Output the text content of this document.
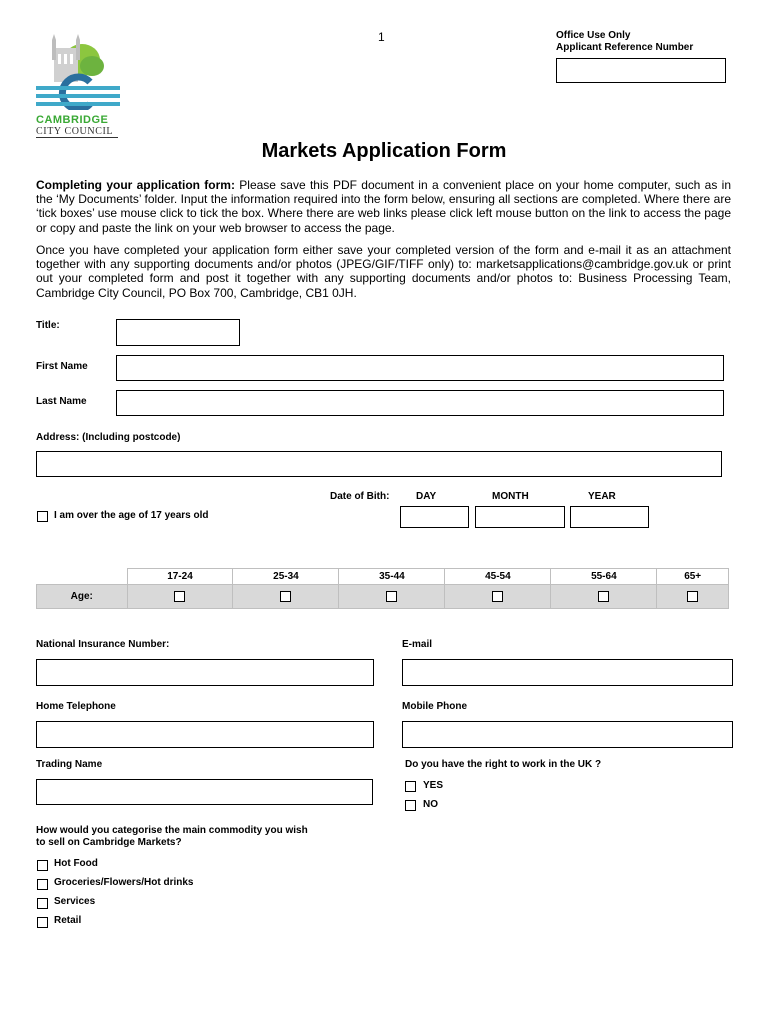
1	Office Use Only
Applicant Reference Number
CAMBRIDGE
CITY COUNCIL
Markets Application Form
Completing your application form: Please save this PDF document in a convenient place on your home computer, such as in the ‘My Documents’ folder. Input the information required into the form below, ensuring all sections are completed. Where there are ‘tick boxes’ use mouse click to tick the box. Where there are web links please click left mouse button on the link to access the page or copy and paste the link on your web browser to access the page.
Once you have completed your application form either save your completed version of the form and e-mail it as an attachment together with any supporting documents and/or photos (JPEG/GIF/TIFF only) to: marketsapplications@cambridge.gov.uk or print out your completed form and post it together with any supporting documents and/or photos to: Business Processing Team, Cambridge City Council, PO Box 700, Cambridge, CB1 0JH.
Title:
First Name
Last Name
Address: (Including postcode)
Date of Bith:	DAY	MONTH	YEAR
I am over the age of 17 years old
	17-24	25-34	35-44	45-54	55-64	65+
Age:						
National Insurance Number:	E-mail
Home Telephone	Mobile Phone
Trading Name	Do you have the right to work in the UK ?
YES
NO
How would you categorise the main commodity you wish
to sell on Cambridge Markets?
Hot Food
Groceries/Flowers/Hot drinks
Services
Retail
